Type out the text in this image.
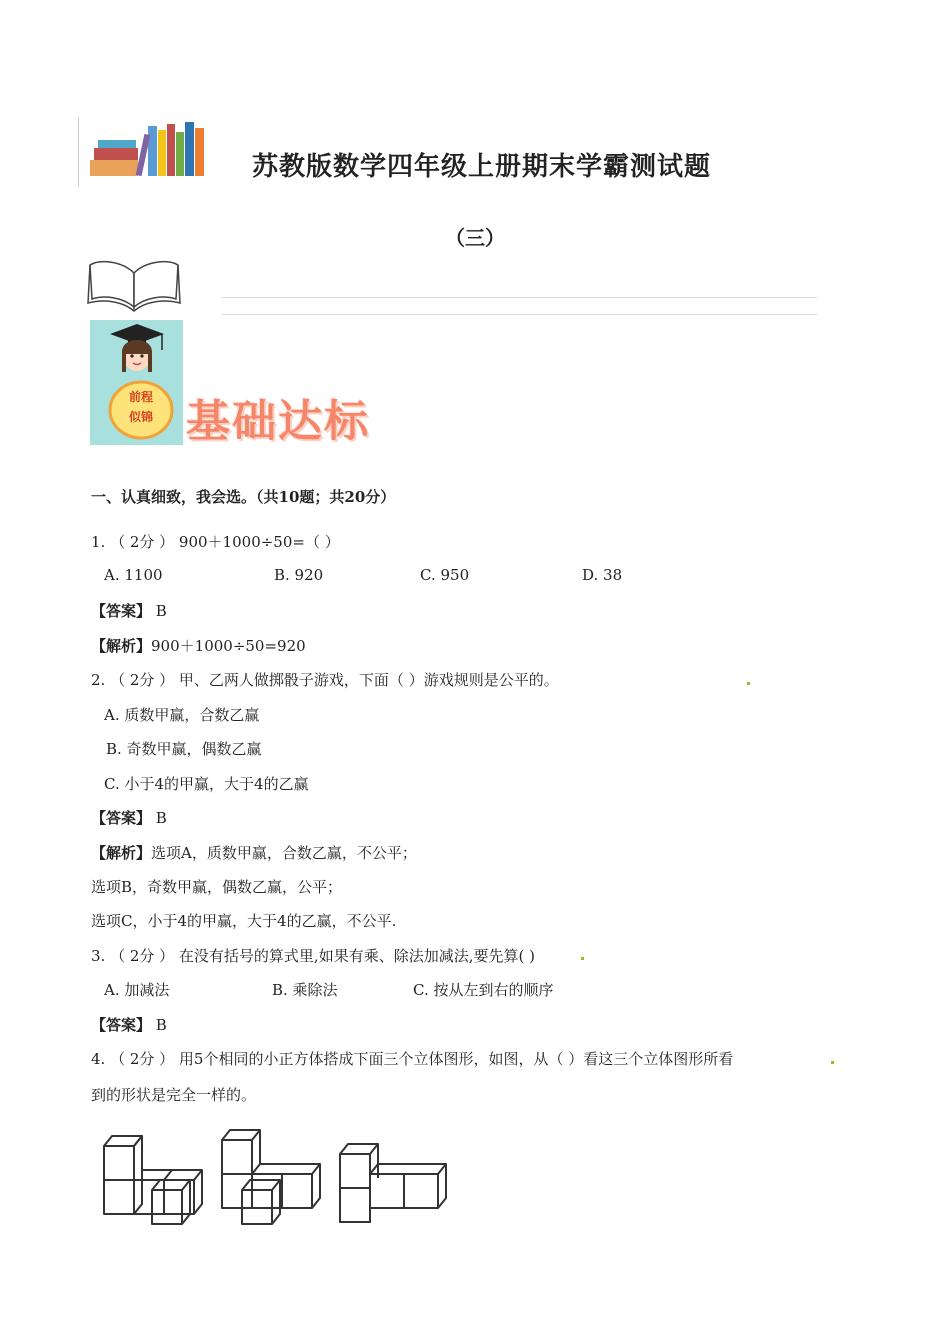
苏教版数学四年级上册期末学霸测试题
（三）
前程
似锦 基础达标
一、认真细致，我会选。（共10题；共20分）
1. （ 2分 ） 900＋1000÷50=（ ）
A. 1100	B. 920	C. 950	D. 38
【答案】 B
【解析】900＋1000÷50=920
2. （ 2分 ） 甲、乙两人做掷骰子游戏，下面（ ）游戏规则是公平的。
A. 质数甲赢，合数乙赢
B. 奇数甲赢，偶数乙赢
C. 小于4的甲赢，大于4的乙赢
【答案】 B
【解析】选项A，质数甲赢，合数乙赢，不公平；
选项B，奇数甲赢，偶数乙赢，公平；
选项C，小于4的甲赢，大于4的乙赢，不公平.
3. （ 2分 ） 在没有括号的算式里,如果有乘、除法加减法,要先算( )
A. 加减法	B. 乘除法	C. 按从左到右的顺序
【答案】 B
4. （ 2分 ） 用5个相同的小正方体搭成下面三个立体图形，如图，从（ ）看这三个立体图形所看
到的形状是完全一样的。
